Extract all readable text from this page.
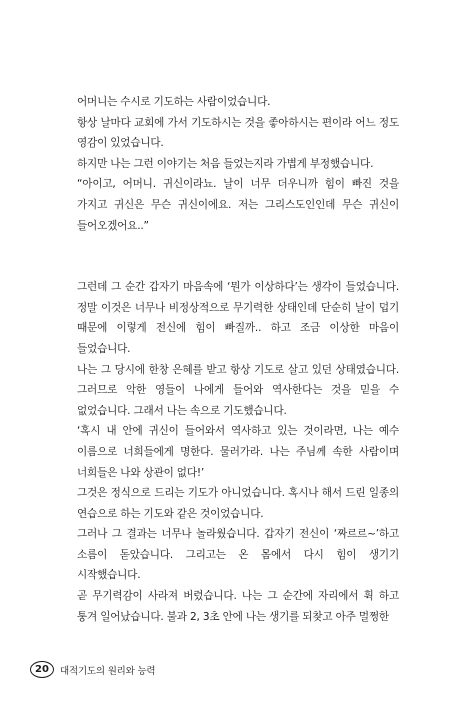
어머니는 수시로 기도하는 사람이었습니다.

항상 날마다 교회에 가서 기도하시는 것을 좋아하시는 편이라 어느 정도 영감이 있었습니다.

하지만 나는 그런 이야기는 처음 들었는지라 가볍게 부정했습니다.

“아이고, 어머니. 귀신이라뇨. 날이 너무 더우니까 힘이 빠진 것을 가지고 귀신은 무슨 귀신이에요. 저는 그리스도인인데 무슨 귀신이 들어오겠어요..”

그런데 그 순간 갑자기 마음속에 ‘뭔가 이상하다’는 생각이 들었습니다. 정말 이것은 너무나 비정상적으로 무기력한 상태인데 단순히 날이 덥기 때문에 이렇게 전신에 힘이 빠질까.. 하고 조금 이상한 마음이 들었습니다.

나는 그 당시에 한창 은혜를 받고 항상 기도로 살고 있던 상태였습니다. 그러므로 악한 영들이 나에게 들어와 역사한다는 것을 믿을 수 없었습니다. 그래서 나는 속으로 기도했습니다.

‘혹시 내 안에 귀신이 들어와서 역사하고 있는 것이라면, 나는 예수 이름으로 너희들에게 명한다. 물러가라. 나는 주님께 속한 사람이며 너희들은 나와 상관이 없다!’

그것은 정식으로 드리는 기도가 아니었습니다. 혹시나 해서 드린 일종의 연습으로 하는 기도와 같은 것이었습니다.

그러나 그 결과는 너무나 놀라웠습니다. 갑자기 전신이 ‘짜르르~’하고 소름이 돋았습니다. 그리고는 온 몸에서 다시 힘이 생기기 시작했습니다.

곧 무기력감이 사라져 버렸습니다. 나는 그 순간에 자리에서 휙 하고 퉁겨 일어났습니다. 불과 2, 3초 안에 나는 생기를 되찾고 아주 멀쩡한

20	대적기도의 원리와 능력
